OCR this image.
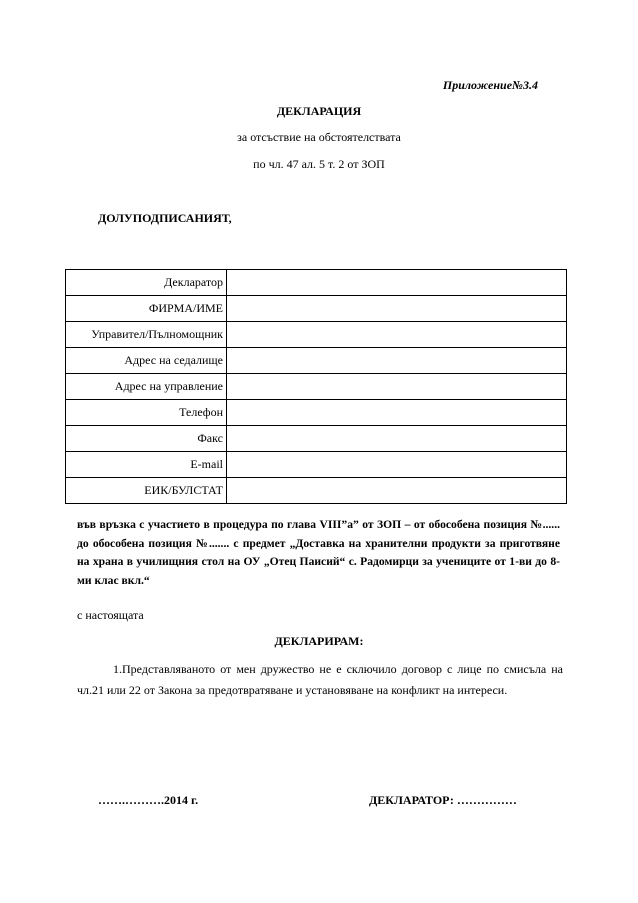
Приложение№3.4
ДЕКЛАРАЦИЯ
за отсъствие на обстоятелствата
по чл. 47 ал. 5 т. 2 от ЗОП
ДОЛУПОДПИСАНИЯТ,
Декларатор	
ФИРМА/ИМЕ	
Управител/Пълномощник	
Адрес на седалище	
Адрес на управление	
Телефон	
Факс	
E-mail	
ЕИК/БУЛСТАТ	
във връзка с участието в процедура по глава VIII”а” от ЗОП – от обособена позиция №...... до обособена позиция №....... с предмет „Доставка на хранителни продукти за приготвяне на храна в училищния стол на ОУ „Отец Паисий“ с. Радомирци за учениците от 1-ви до 8-ми клас вкл.“
с настоящата
ДЕКЛАРИРАМ:
1.Представляваното от мен дружество не е сключило договор с лице по смисъла на чл.21 или 22 от Закона за предотвратяване и установяване на конфликт на интереси.
…….……….2014 г.	ДЕКЛАРАТОР: ……………
